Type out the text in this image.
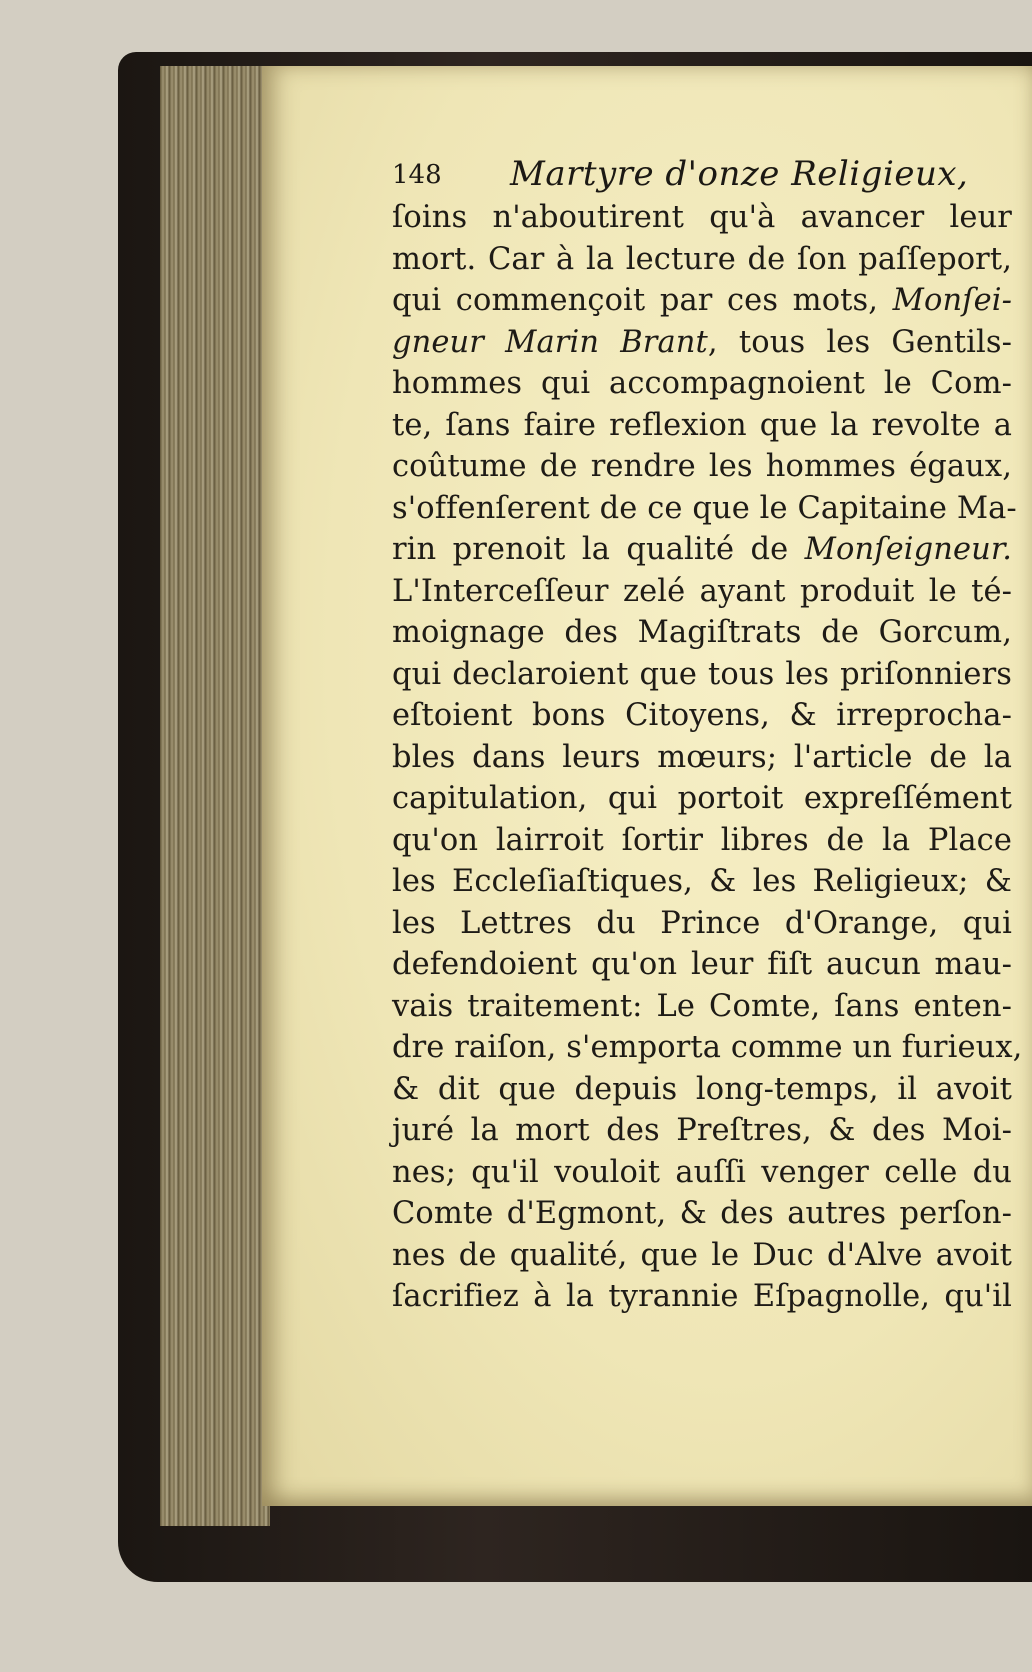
148 Martyre d'onze Religieux,
ſoins n'aboutirent qu'à avancer leur
mort. Car à la lecture de ſon paſſeport,
qui commençoit par ces mots, Monſei-
gneur Marin Brant, tous les Gentils-
hommes qui accompagnoient le Com-
te, ſans faire reflexion que la revolte a
coûtume de rendre les hommes égaux,
s'offenſerent de ce que le Capitaine Ma-
rin prenoit la qualité de Monſeigneur.
L'Interceſſeur zelé ayant produit le té-
moignage des Magiſtrats de Gorcum,
qui declaroient que tous les priſonniers
eſtoient bons Citoyens, & irreprocha-
bles dans leurs mœurs; l'article de la
capitulation, qui portoit expreſſément
qu'on lairroit ſortir libres de la Place
les Eccleſiaſtiques, & les Religieux; &
les Lettres du Prince d'Orange, qui
defendoient qu'on leur fiſt aucun mau-
vais traitement: Le Comte, ſans enten-
dre raiſon, s'emporta comme un furieux,
& dit que depuis long-temps, il avoit
juré la mort des Preſtres, & des Moi-
nes; qu'il vouloit auſſi venger celle du
Comte d'Egmont, & des autres perſon-
nes de qualité, que le Duc d'Alve avoit
ſacrifiez à la tyrannie Eſpagnolle, qu'il
